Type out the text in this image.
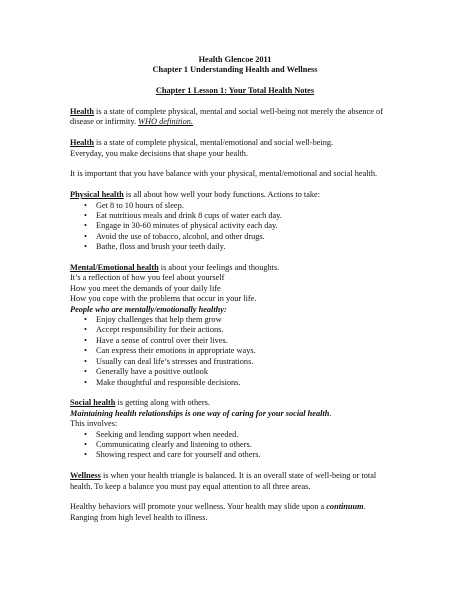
Health Glencoe 2011

Chapter 1 Understanding Health and Wellness

Chapter 1 Lesson 1: Your Total Health Notes

Health is a state of complete physical, mental and social well-being not merely the absence of disease or infirmity. WHO definition.

Health is a state of complete physical, mental/emotional and social well-being.

Everyday, you make decisions that shape your health.

It is important that you have balance with your physical, mental/emotional and social health.

Physical health is all about how well your body functions. Actions to take:

• Get 8 to 10 hours of sleep.
• Eat nutritious meals and drink 8 cups of water each day.
• Engage in 30-60 minutes of physical activity each day.
• Avoid the use of tobacco, alcohol, and other drugs.
• Bathe, floss and brush your teeth daily.

Mental/Emotional health is about your feelings and thoughts.

It’s a reflection of how you feel about yourself

How you meet the demands of your daily life

How you cope with the problems that occur in your life.

People who are mentally/emotionally healthy:

• Enjoy challenges that help them grow
• Accept responsibility for their actions.
• Have a sense of control over their lives.
• Can express their emotions in appropriate ways.
• Usually can deal life’s stresses and frustrations.
• Generally have a positive outlook
• Make thoughtful and responsible decisions.

Social health is getting along with others.

Maintaining health relationships is one way of caring for your social health.

This involves:

• Seeking and lending support when needed.
• Communicating clearly and listening to others.
• Showing respect and care for yourself and others.

Wellness is when your health triangle is balanced. It is an overall state of well-being or total health. To keep a balance you must pay equal attention to all three areas.

Healthy behaviors will promote your wellness. Your health may slide upon a continuum.

Ranging from high level health to illness.
